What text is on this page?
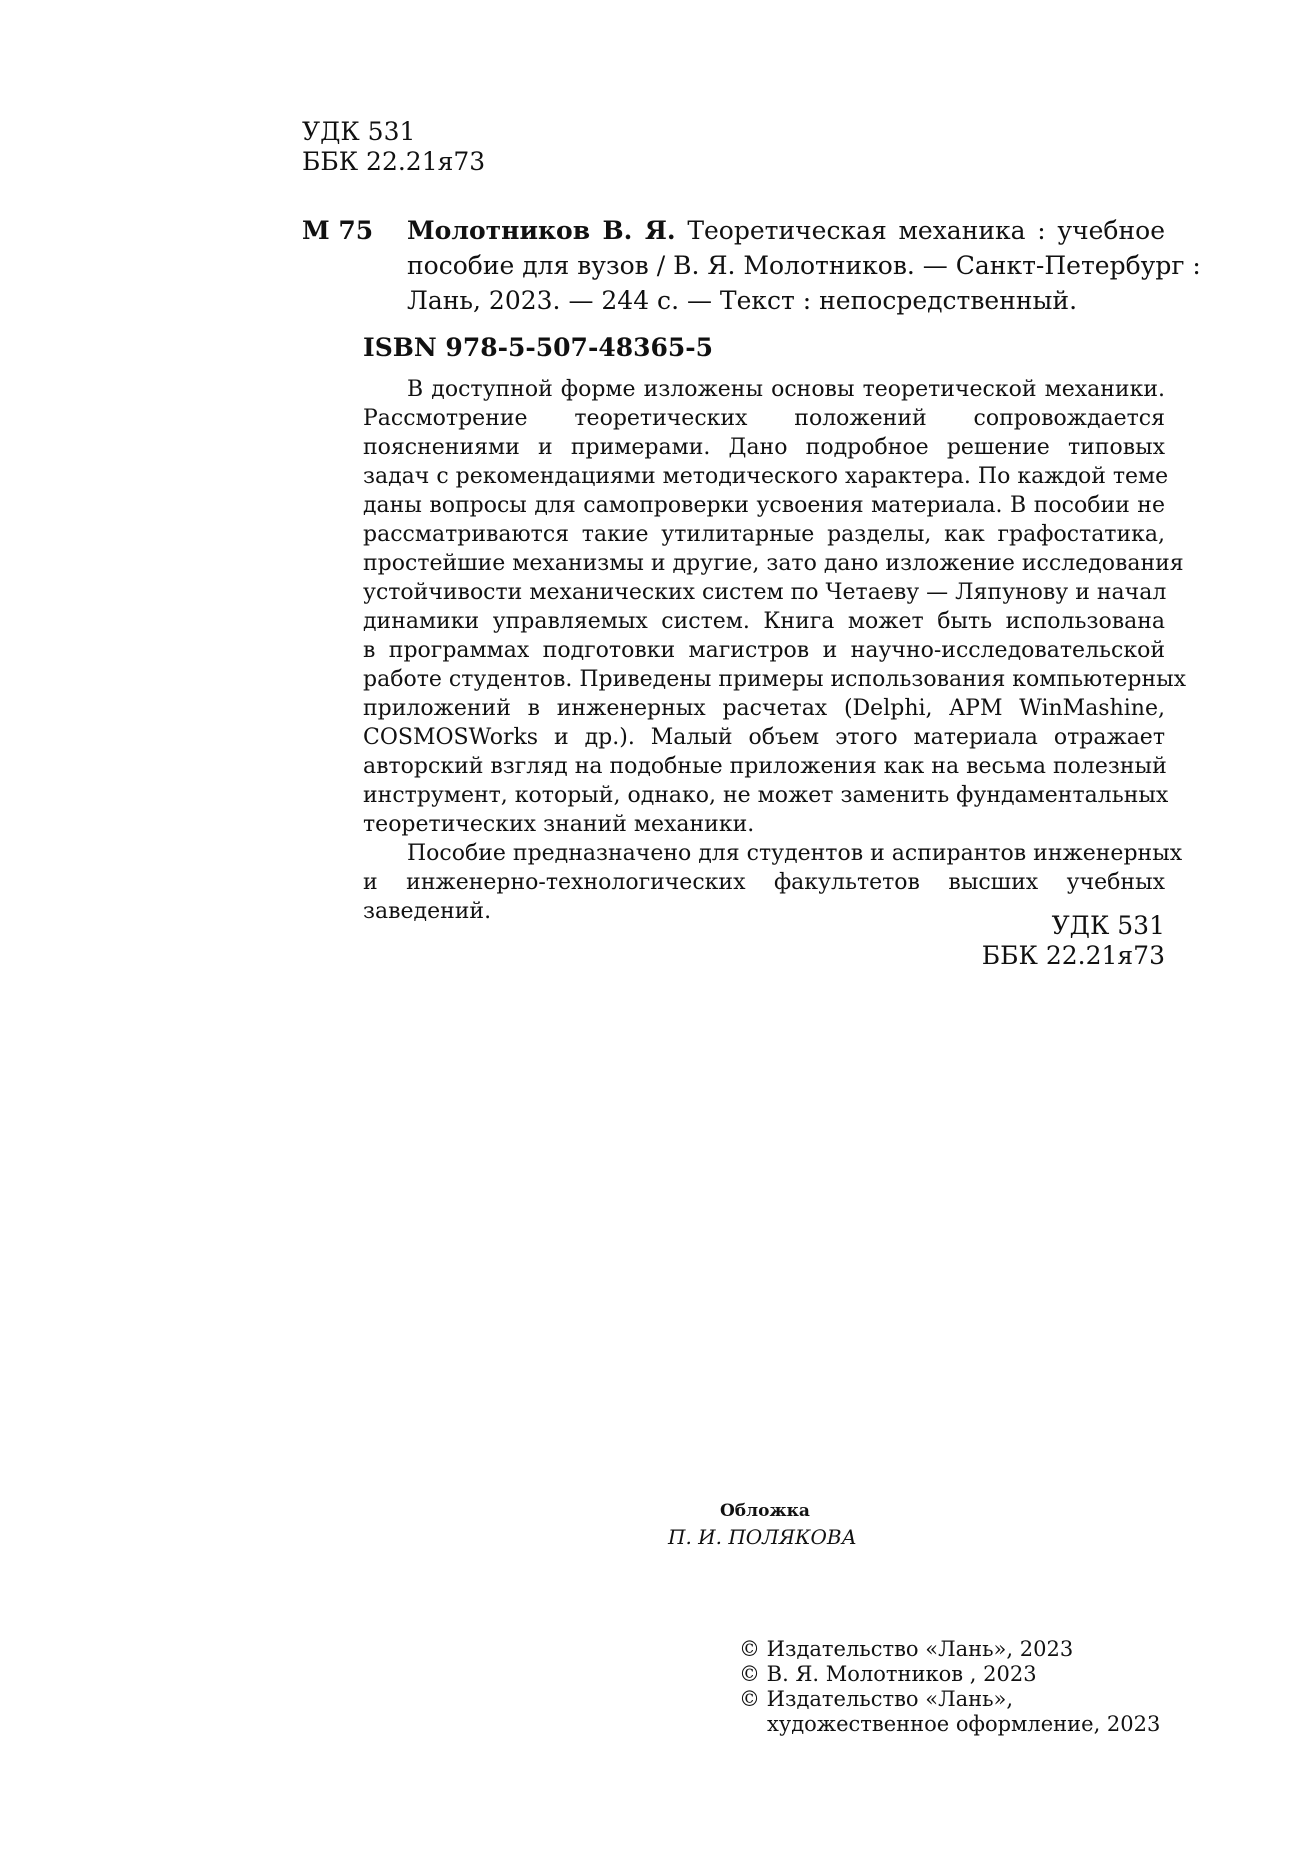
УДК 531
ББК 22.21я73
М 75 Молотников В. Я. Теоретическая механика : учебное
пособие для вузов / В. Я. Молотников. — Санкт-Петербург :
Лань, 2023. — 244 с. — Текст : непосредственный.
ISBN 978-5-507-48365-5
В доступной форме изложены основы теоретической механики.
Рассмотрение теоретических положений сопровождается
пояснениями и примерами. Дано подробное решение типовых
задач с рекомендациями методического характера. По каждой теме
даны вопросы для самопроверки усвоения материала. В пособии не
рассматриваются такие утилитарные разделы, как графостатика,
простейшие механизмы и другие, зато дано изложение исследования
устойчивости механических систем по Четаеву — Ляпунову и начал
динамики управляемых систем. Книга может быть использована
в программах подготовки магистров и научно-исследовательской
работе студентов. Приведены примеры использования компьютерных
приложений в инженерных расчетах (Delphi, APM WinMashine,
COSMOSWorks и др.). Малый объем этого материала отражает
авторский взгляд на подобные приложения как на весьма полезный
инструмент, который, однако, не может заменить фундаментальных
теоретических знаний механики.
Пособие предназначено для студентов и аспирантов инженерных
и инженерно-технологических факультетов высших учебных
заведений.	УДК 531
ББК 22.21я73
Обложка
П. И. ПОЛЯКОВА
© Издательство «Лань», 2023
© В. Я. Молотников , 2023
© Издательство «Лань»,
художественное оформление, 2023
